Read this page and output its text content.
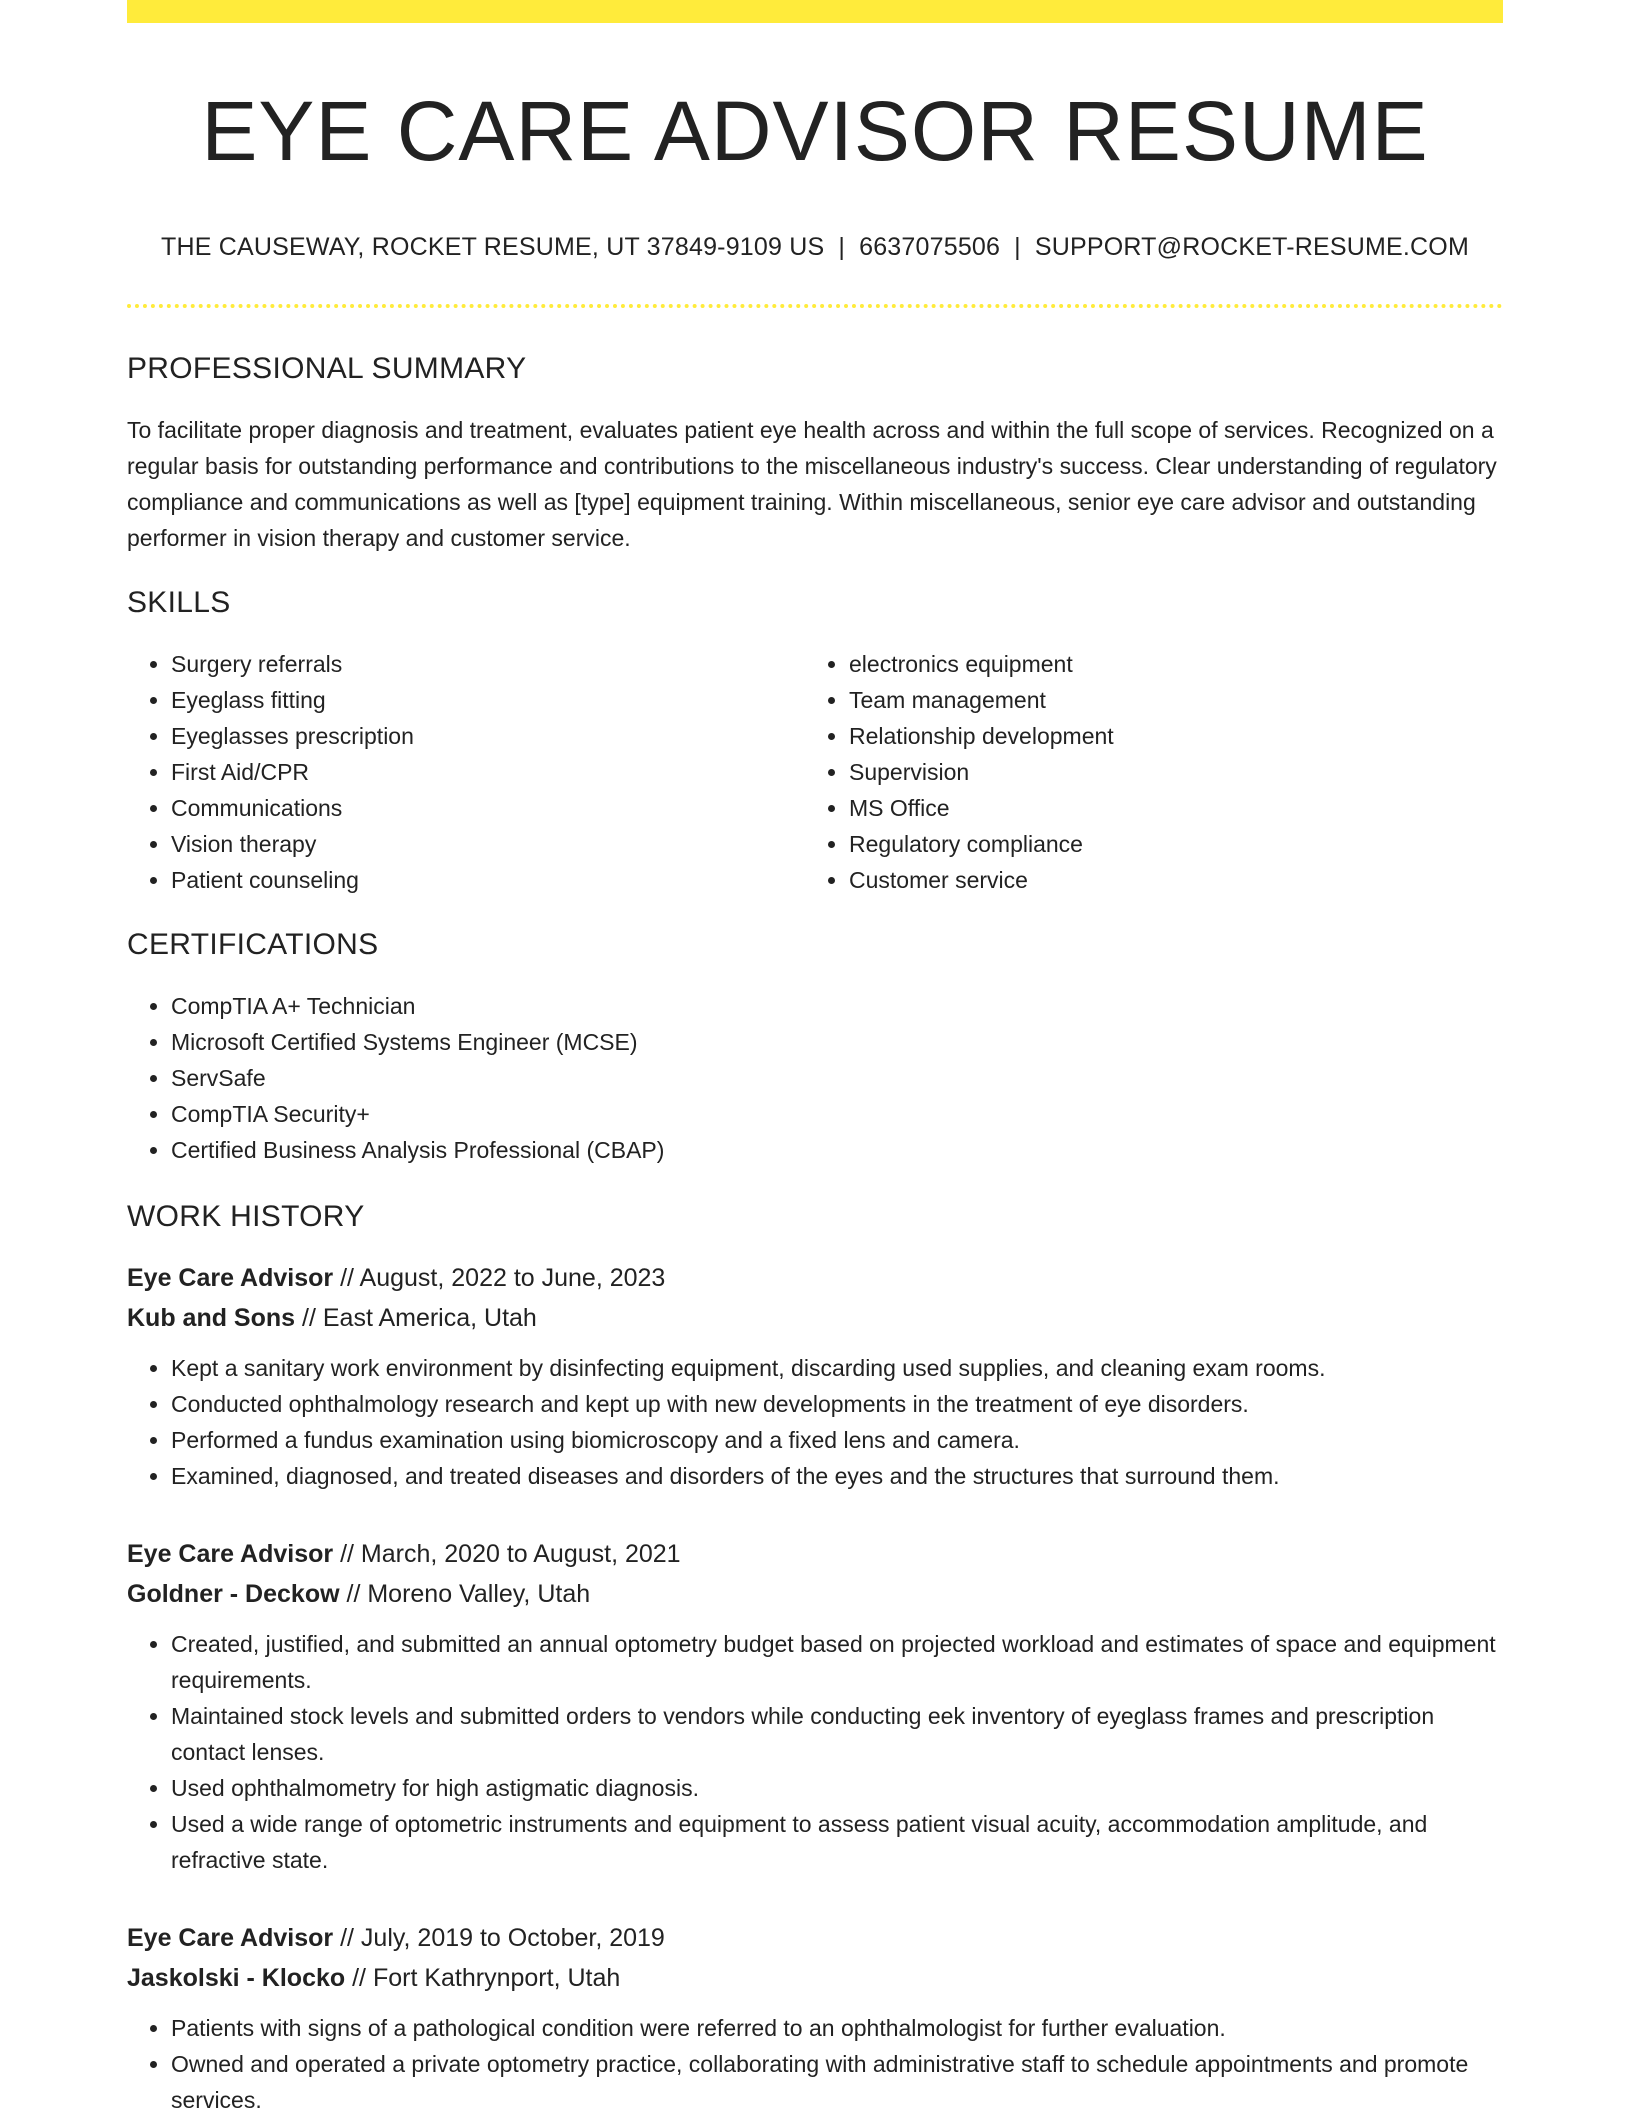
EYE CARE ADVISOR RESUME
THE CAUSEWAY, ROCKET RESUME, UT 37849-9109 US | 6637075506 | SUPPORT@ROCKET-RESUME.COM
PROFESSIONAL SUMMARY

To facilitate proper diagnosis and treatment, evaluates patient eye health across and within the full scope of services. Recognized on a regular basis for outstanding performance and contributions to the miscellaneous industry's success. Clear understanding of regulatory compliance and communications as well as [type] equipment training. Within miscellaneous, senior eye care advisor and outstanding performer in vision therapy and customer service.

SKILLS
• Surgery referrals
• Eyeglass fitting
• Eyeglasses prescription
• First Aid/CPR
• Communications
• Vision therapy
• Patient counseling
• electronics equipment
• Team management
• Relationship development
• Supervision
• MS Office
• Regulatory compliance
• Customer service
CERTIFICATIONS
• CompTIA A+ Technician
• Microsoft Certified Systems Engineer (MCSE)
• ServSafe
• CompTIA Security+
• Certified Business Analysis Professional (CBAP)
WORK HISTORY
Eye Care Advisor // August, 2022 to June, 2023
Kub and Sons // East America, Utah
• Kept a sanitary work environment by disinfecting equipment, discarding used supplies, and cleaning exam rooms.
• Conducted ophthalmology research and kept up with new developments in the treatment of eye disorders.
• Performed a fundus examination using biomicroscopy and a fixed lens and camera.
• Examined, diagnosed, and treated diseases and disorders of the eyes and the structures that surround them.
Eye Care Advisor // March, 2020 to August, 2021
Goldner - Deckow // Moreno Valley, Utah
• Created, justified, and submitted an annual optometry budget based on projected workload and estimates of space and equipment requirements.
• Maintained stock levels and submitted orders to vendors while conducting eek inventory of eyeglass frames and prescription contact lenses.
• Used ophthalmometry for high astigmatic diagnosis.
• Used a wide range of optometric instruments and equipment to assess patient visual acuity, accommodation amplitude, and refractive state.
Eye Care Advisor // July, 2019 to October, 2019
Jaskolski - Klocko // Fort Kathrynport, Utah
• Patients with signs of a pathological condition were referred to an ophthalmologist for further evaluation.
• Owned and operated a private optometry practice, collaborating with administrative staff to schedule appointments and promote services.
